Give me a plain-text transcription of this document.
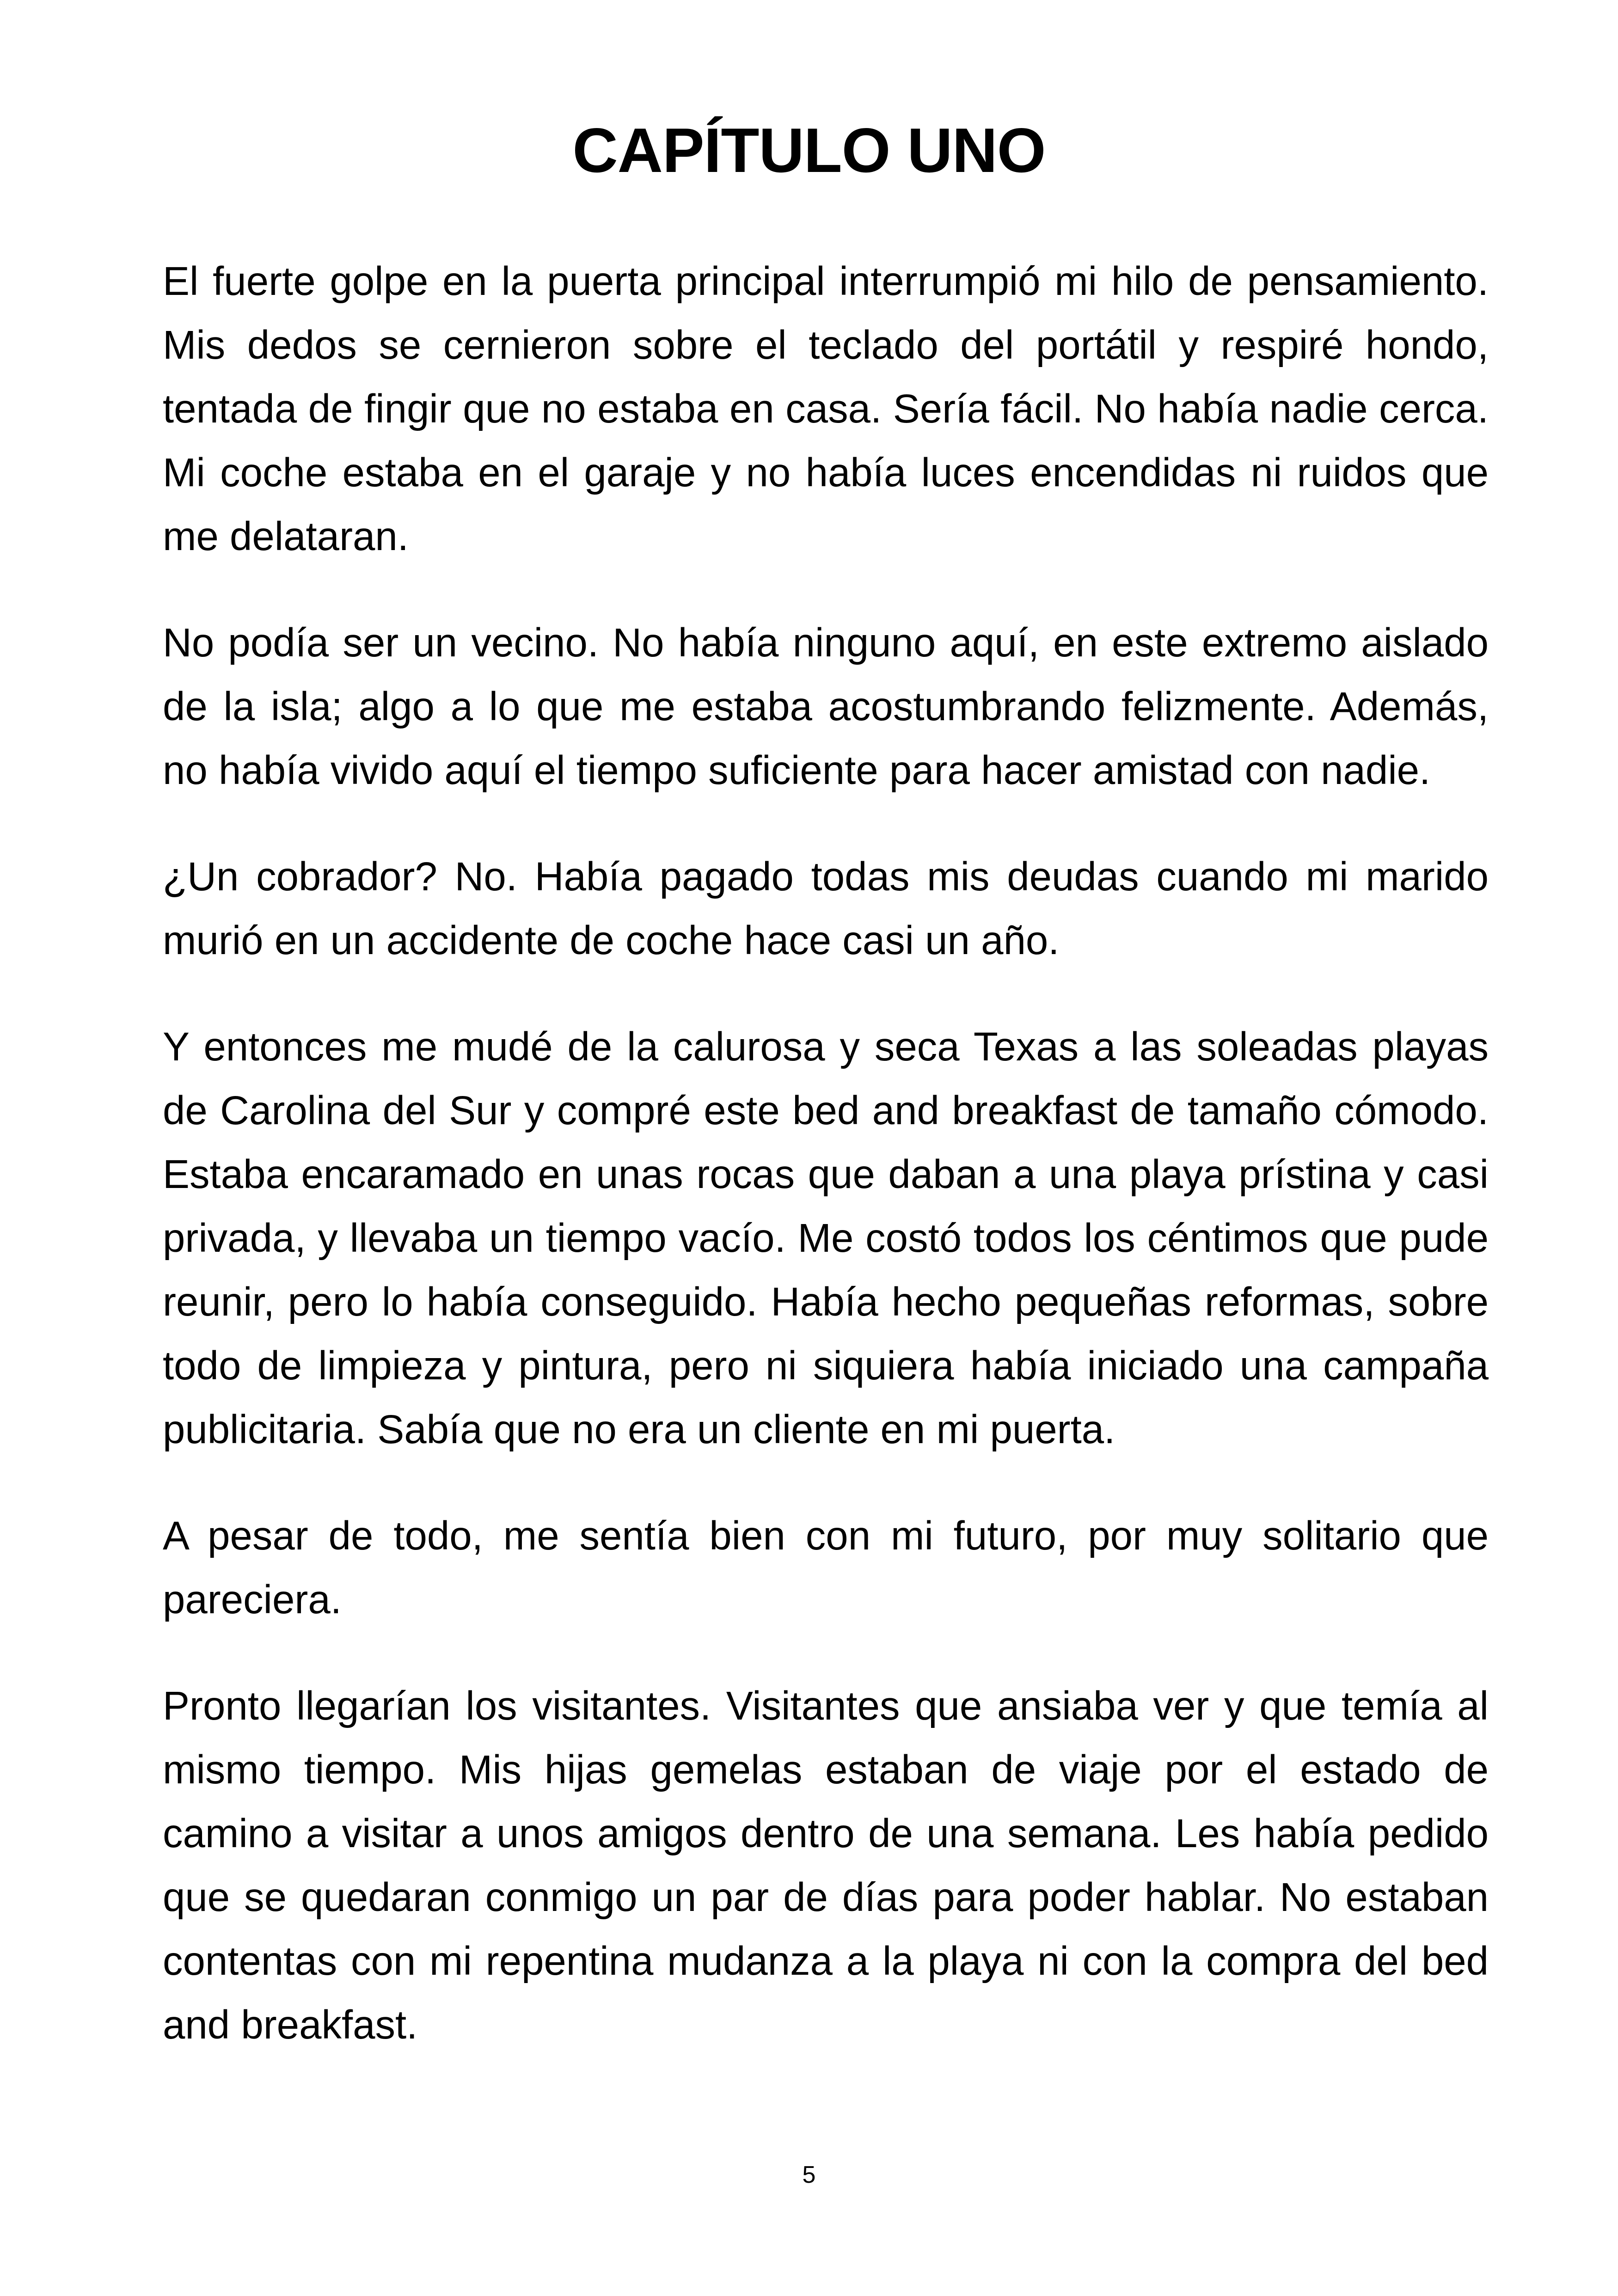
CAPÍTULO UNO

El fuerte golpe en la puerta principal interrumpió mi hilo de pensamiento. Mis dedos se cernieron sobre el teclado del portátil y respiré hondo, tentada de fingir que no estaba en casa. Sería fácil. No había nadie cerca. Mi coche estaba en el garaje y no había luces encendidas ni ruidos que me delataran.

No podía ser un vecino. No había ninguno aquí, en este extremo aislado de la isla; algo a lo que me estaba acostumbrando felizmente. Además, no había vivido aquí el tiempo suficiente para hacer amistad con nadie.

¿Un cobrador? No. Había pagado todas mis deudas cuando mi marido murió en un accidente de coche hace casi un año.

Y entonces me mudé de la calurosa y seca Texas a las soleadas playas de Carolina del Sur y compré este bed and breakfast de tamaño cómodo. Estaba encaramado en unas rocas que daban a una playa prístina y casi privada, y llevaba un tiempo vacío. Me costó todos los céntimos que pude reunir, pero lo había conseguido. Había hecho pequeñas reformas, sobre todo de limpieza y pintura, pero ni siquiera había iniciado una campaña publicitaria. Sabía que no era un cliente en mi puerta.

A pesar de todo, me sentía bien con mi futuro, por muy solitario que pareciera.

Pronto llegarían los visitantes. Visitantes que ansiaba ver y que temía al mismo tiempo. Mis hijas gemelas estaban de viaje por el estado de camino a visitar a unos amigos dentro de una semana. Les había pedido que se quedaran conmigo un par de días para poder hablar. No estaban contentas con mi repentina mudanza a la playa ni con la compra del bed and breakfast.

5
